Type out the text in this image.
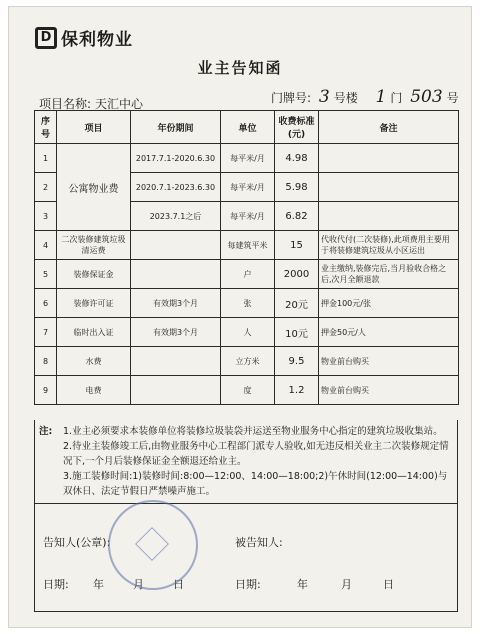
D 保利物业
业主告知函
项目名称: 天汇中心	门牌号: 3 号楼 1 门 503 号
序号	项目	年份期间	单位	收费标准(元)	备注
1	公寓物业费	2017.7.1-2020.6.30	每平米/月	4.98	
2		2020.7.1-2023.6.30	每平米/月	5.98	
3		2023.7.1之后	每平米/月	6.82	
4	二次装修建筑垃圾清运费		每建筑平米	15	代收代付(二次装修),此项费用主要用于将装修建筑垃圾从小区运出
5	装修保证金		户	2000	业主缴纳,装修完后,当月验收合格之后,次月全额退款
6	装修许可证	有效期3个月	张	20元	押金100元/张
7	临时出入证	有效期3个月	人	10元	押金50元/人
8	水费		立方米	9.5	物业前台购买
9	电费		度	1.2	物业前台购买
注: 1.业主必须要求本装修单位将装修垃圾装袋并运送至物业服务中心指定的建筑垃圾收集站。
2.待业主装修竣工后,由物业服务中心工程部门派专人验收,如无违反相关业主二次装修规定情况下,一个月后装修保证金全额退还给业主。
3.施工装修时间:1)装修时间:8:00—12:00、14:00—18:00;2)午休时间(12:00—14:00)与双休日、法定节假日严禁噪声施工。
告知人(公章):	被告知人:
日期: 年	月	日	日期:	年	月	日
